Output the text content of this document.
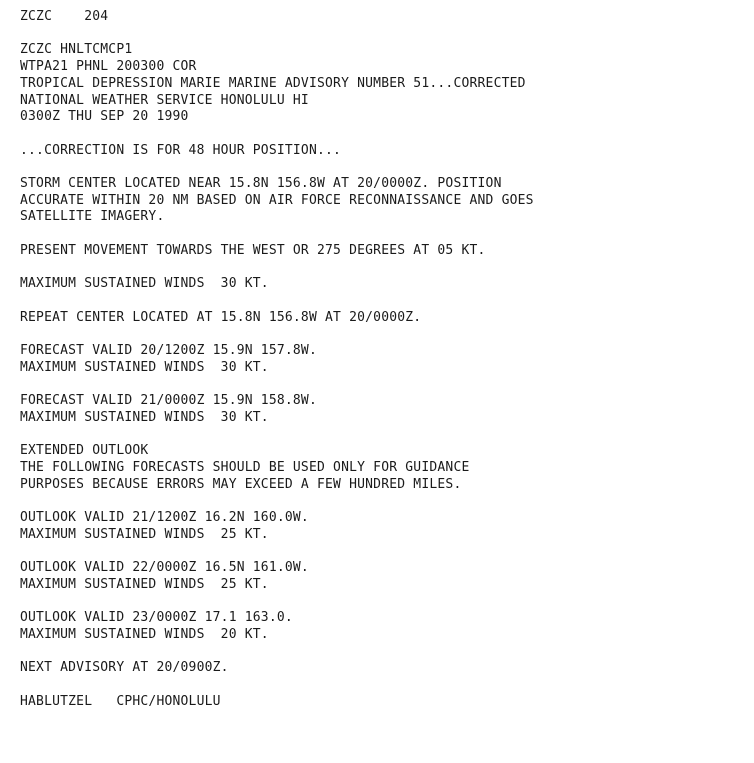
ZCZC    204
ZCZC HNLTCMCP1
WTPA21 PHNL 200300 COR
TROPICAL DEPRESSION MARIE MARINE ADVISORY NUMBER 51...CORRECTED
NATIONAL WEATHER SERVICE HONOLULU HI
0300Z THU SEP 20 1990
...CORRECTION IS FOR 48 HOUR POSITION...
STORM CENTER LOCATED NEAR 15.8N 156.8W AT 20/0000Z. POSITION
ACCURATE WITHIN 20 NM BASED ON AIR FORCE RECONNAISSANCE AND GOES
SATELLITE IMAGERY.
PRESENT MOVEMENT TOWARDS THE WEST OR 275 DEGREES AT 05 KT.
MAXIMUM SUSTAINED WINDS  30 KT.
REPEAT CENTER LOCATED AT 15.8N 156.8W AT 20/0000Z.
FORECAST VALID 20/1200Z 15.9N 157.8W.
MAXIMUM SUSTAINED WINDS  30 KT.
FORECAST VALID 21/0000Z 15.9N 158.8W.
MAXIMUM SUSTAINED WINDS  30 KT.
EXTENDED OUTLOOK
THE FOLLOWING FORECASTS SHOULD BE USED ONLY FOR GUIDANCE
PURPOSES BECAUSE ERRORS MAY EXCEED A FEW HUNDRED MILES.
OUTLOOK VALID 21/1200Z 16.2N 160.0W.
MAXIMUM SUSTAINED WINDS  25 KT.
OUTLOOK VALID 22/0000Z 16.5N 161.0W.
MAXIMUM SUSTAINED WINDS  25 KT.
OUTLOOK VALID 23/0000Z 17.1 163.0.
MAXIMUM SUSTAINED WINDS  20 KT.
NEXT ADVISORY AT 20/0900Z.
HABLUTZEL   CPHC/HONOLULU
